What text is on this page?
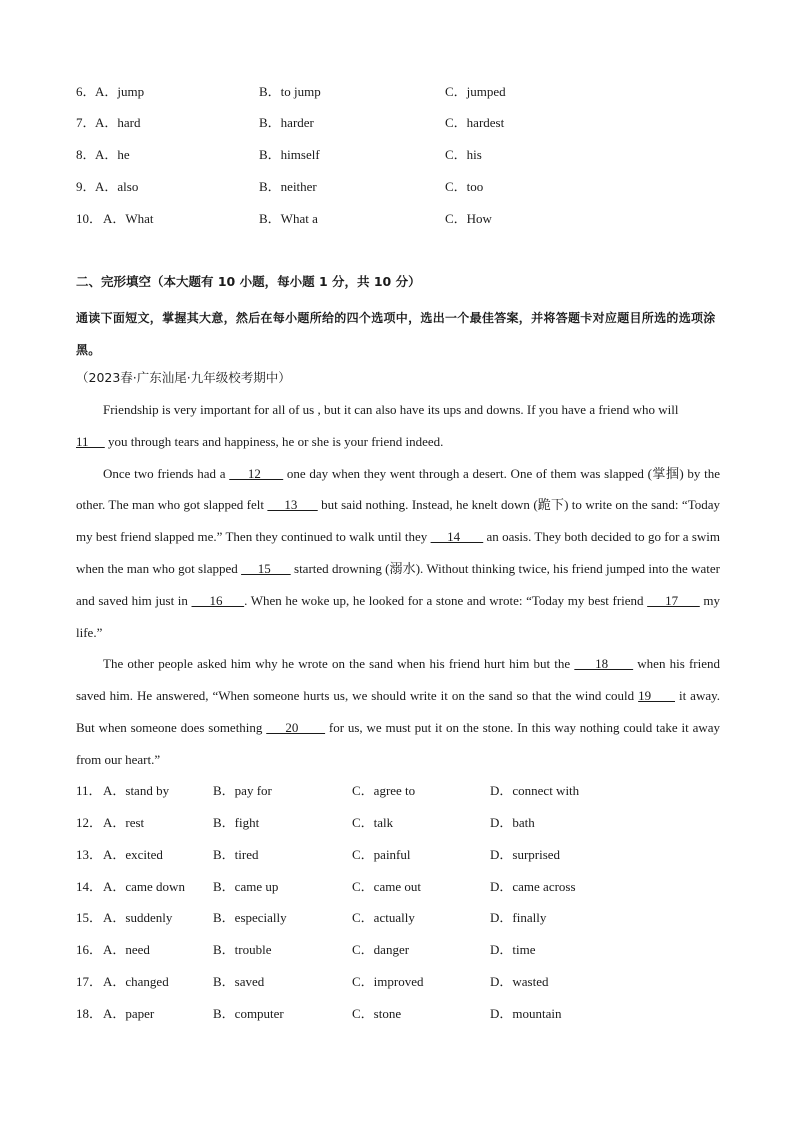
6． A．jump	B．to jump	C．jumped
7． A．hard	B．harder	C．hardest
8． A．he	B．himself	C．his
9． A．also	B．neither	C．too
10． A．What	B．What a	C．How
二、完形填空（本大题有 10 小题，每小题 1 分，共 10 分）
通读下面短文，掌握其大意，然后在每小题所给的四个选项中，选出一个最佳答案，并将答题卡对应题目所选的选项涂黑。
（2023春·广东汕尾·九年级校考期中）

Friendship is very important for all of us , but it can also have its ups and downs. If you have a friend who will
11      you through tears and happiness, he or she is your friend indeed.

Once two friends had a      12       one day when they went through a desert. One of them was slapped (掌掴) by the other. The man who got slapped felt      13       but said nothing. Instead, he knelt down (跪下) to write on the sand: “Today my best friend slapped me.” Then they continued to walk until they      14        an oasis. They both decided to go for a swim when the man who got slapped      15       started drowning (溺水). Without thinking twice, his friend jumped into the water and saved him just in      16      . When he woke up, he looked for a stone and wrote: “Today my best friend      17       my life.”

The other people asked him why he wrote on the sand when his friend hurt him but the      18       when his friend saved him. He answered, “When someone hurts us, we should write it on the sand so that the wind could 19       it away. But when someone does something      20        for us, we must put it on the stone. In this way nothing could take it away from our heart.”

11． A．stand by	B．pay for	C．agree to	D．connect with
12． A．rest	B．fight	C．talk	D．bath
13． A．excited	B．tired	C．painful	D．surprised
14． A．came down B．came up	C．came out	D．came across
15． A．suddenly	B．especially	C．actually	D．finally
16． A．need	B．trouble	C．danger	D．time
17． A．changed	B．saved	C．improved	D．wasted
18． A．paper	B．computer	C．stone	D．mountain
